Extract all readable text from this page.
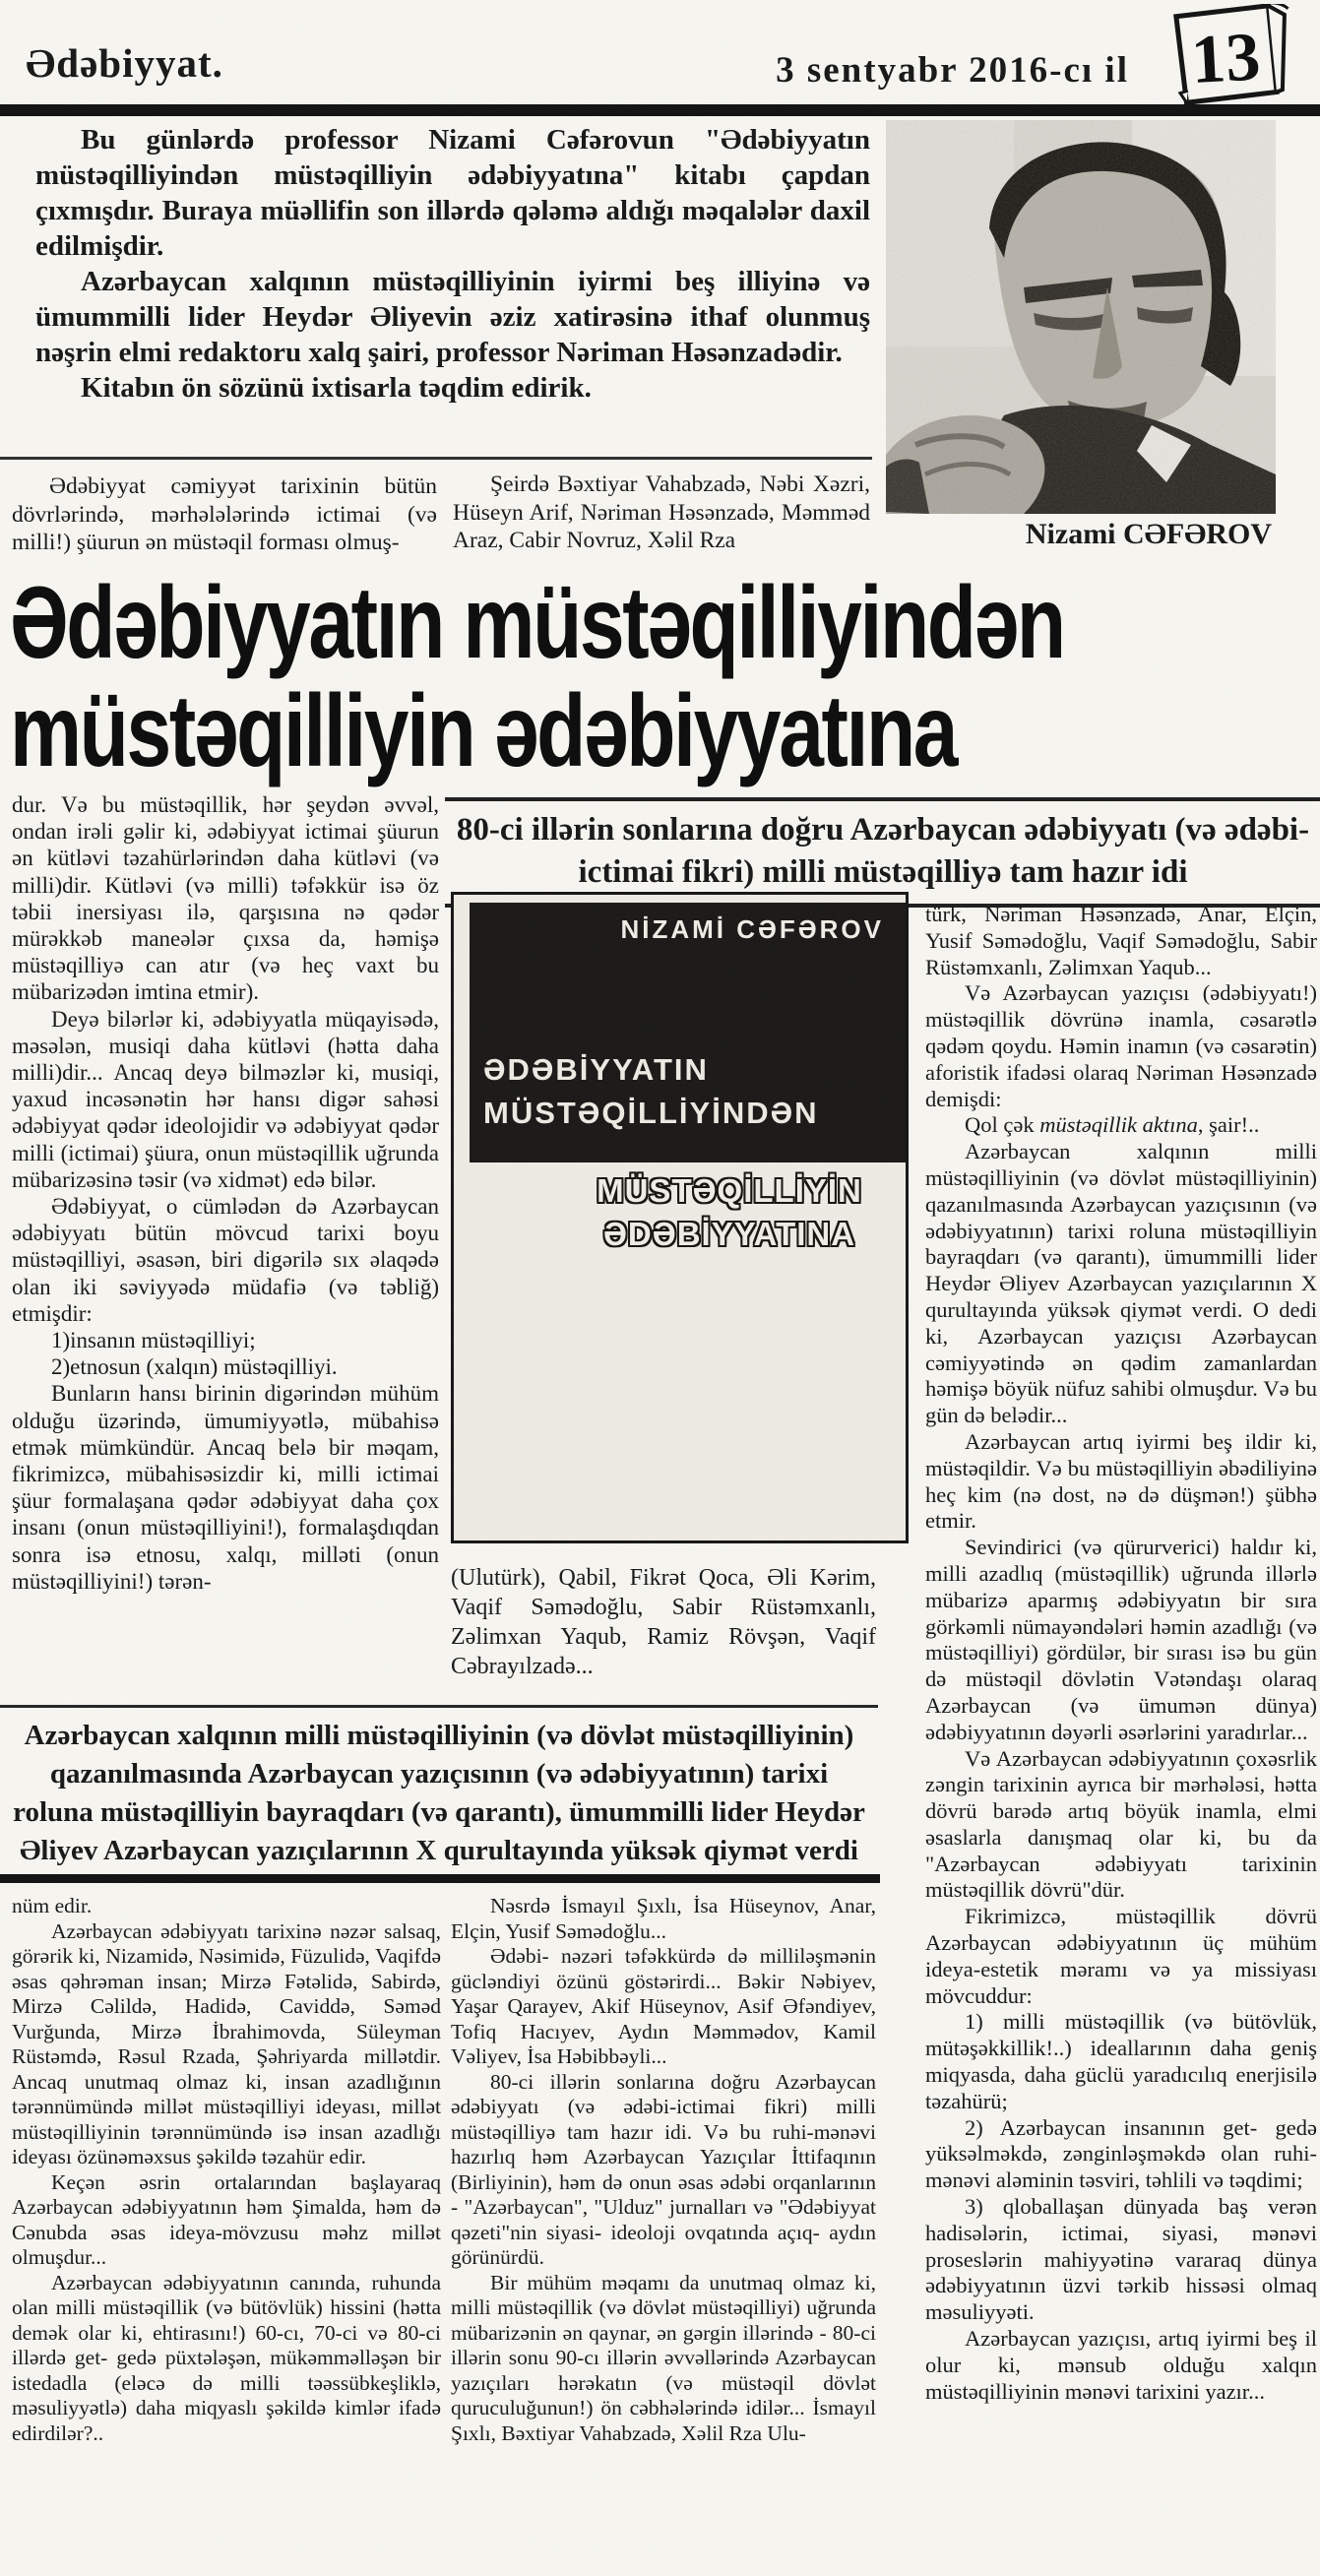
Ədəbiyyat.	3 sentyabr 2016-cı il 13

Bu günlərdə professor Nizami Cəfərovun "Ədəbiyyatın müstəqilliyindən müstəqilliyin ədəbiyyatına" kitabı çapdan çıxmışdır. Buraya müəllifin son illərdə qələmə aldığı məqalələr daxil edilmişdir.

Azərbaycan xalqının müstəqilliyinin iyirmi beş illiyinə və ümummilli lider Heydər Əliyevin əziz xatirəsinə ithaf olunmuş nəşrin elmi redaktoru xalq şairi, professor Nəriman Həsənzadədir.

Kitabın ön sözünü ixtisarla təqdim edirik.

Nizami CƏFƏROV

Ədəbiyyat cəmiyyət tarixinin bütün dövrlərində, mərhələlərində ictimai (və milli!) şüurun ən müstəqil forması olmuş-

Şeirdə Bəxtiyar Vahabzadə, Nəbi Xəzri, Hüseyn Arif, Nəriman Həsənzadə, Məmməd Araz, Cabir Novruz, Xəlil Rza

Ədəbiyyatın müstəqilliyindən
müstəqilliyin ədəbiyyatına
80-ci illərin sonlarına doğru Azərbaycan ədəbiyyatı (və ədəbi-ictimai fikri) milli müstəqilliyə tam hazır idi

dur. Və bu müstəqillik, hər şeydən əvvəl, ondan irəli gəlir ki, ədəbiyyat ictimai şüurun ən kütləvi təzahürlərindən daha kütləvi (və milli)dir. Kütləvi (və milli) təfəkkür isə öz təbii inersiyası ilə, qarşısına nə qədər mürəkkəb maneələr çıxsa da, həmişə müstəqilliyə can atır (və heç vaxt bu mübarizədən imtina etmir).

Deyə bilərlər ki, ədəbiyyatla müqayisədə, məsələn, musiqi daha kütləvi (hətta daha milli)dir... Ancaq deyə bilməzlər ki, musiqi, yaxud incəsənətin hər hansı digər sahəsi ədəbiyyat qədər ideolojidir və ədəbiyyat qədər milli (ictimai) şüura, onun müstəqillik uğrunda mübarizəsinə təsir (və xidmət) edə bilər.

Ədəbiyyat, o cümlədən də Azərbaycan ədəbiyyatı bütün mövcud tarixi boyu müstəqilliyi, əsasən, biri digərilə sıx əlaqədə olan iki səviyyədə müdafiə (və təbliğ) etmişdir:

1)insanın müstəqilliyi;

2)etnosun (xalqın) müstəqilliyi.

Bunların hansı birinin digərindən mühüm olduğu üzərində, ümumiyyətlə, mübahisə etmək mümkündür. Ancaq belə bir məqam, fikrimizcə, mübahisəsizdir ki, milli ictimai şüur formalaşana qədər ədəbiyyat daha çox insanı (onun müstəqilliyini!), formalaşdıqdan sonra isə etnosu, xalqı, milləti (onun müstəqilliyini!) tərən-

NİZAMİ CƏFƏROV
ƏDƏBİYYATIN
MÜSTƏQİLLİYİNDƏN
MÜSTƏQİLLİYİN
ƏDƏBİYYATINA

(Ulutürk), Qabil, Fikrət Qoca, Əli Kərim, Vaqif Səmədoğlu, Sabir Rüstəmxanlı, Zəlimxan Yaqub, Ramiz Rövşən, Vaqif Cəbrayılzadə...

türk, Nəriman Həsənzadə, Anar, Elçin, Yusif Səmədoğlu, Vaqif Səmədoğlu, Sabir Rüstəmxanlı, Zəlimxan Yaqub...

Və Azərbaycan yazıçısı (ədəbiyyatı!) müstəqillik dövrünə inamla, cəsarətlə qədəm qoydu. Həmin inamın (və cəsarətin) aforistik ifadəsi olaraq Nəriman Həsənzadə demişdi:

Qol çək müstəqillik aktına, şair!..

Azərbaycan xalqının milli müstəqilliyinin (və dövlət müstəqilliyinin) qazanılmasında Azərbaycan yazıçısının (və ədəbiyyatının) tarixi roluna müstəqilliyin bayraqdarı (və qarantı), ümummilli lider Heydər Əliyev Azərbaycan yazıçılarının X qurultayında yüksək qiymət verdi. O dedi ki, Azərbaycan yazıçısı Azərbaycan cəmiyyətində ən qədim zamanlardan həmişə böyük nüfuz sahibi olmuşdur. Və bu gün də belədir...

Azərbaycan artıq iyirmi beş ildir ki, müstəqildir. Və bu müstəqilliyin əbədiliyinə heç kim (nə dost, nə də düşmən!) şübhə etmir.

Sevindirici (və qürurverici) haldır ki, milli azadlıq (müstəqillik) uğrunda illərlə mübarizə aparmış ədəbiyyatın bir sıra görkəmli nümayəndələri həmin azadlığı (və müstəqilliyi) gördülər, bir sırası isə bu gün də müstəqil dövlətin Vətəndaşı olaraq Azərbaycan (və ümumən dünya) ədəbiyyatının dəyərli əsərlərini yaradırlar...

Və Azərbaycan ədəbiyyatının çoxəsrlik zəngin tarixinin ayrıca bir mərhələsi, hətta dövrü barədə artıq böyük inamla, elmi əsaslarla danışmaq olar ki, bu da "Azərbaycan ədəbiyyatı tarixinin müstəqillik dövrü"dür.

Fikrimizcə, müstəqillik dövrü Azərbaycan ədəbiyyatının üç mühüm ideya-estetik məramı və ya missiyası mövcuddur:

1) milli müstəqillik (və bütövlük, mütəşəkkillik!..) ideallarının daha geniş miqyasda, daha güclü yaradıcılıq enerjisilə təzahürü;

2) Azərbaycan insanının get- gedə yüksəlməkdə, zənginləşməkdə olan ruhi-mənəvi aləminin təsviri, təhlili və təqdimi;

3) qloballaşan dünyada baş verən hadisələrin, ictimai, siyasi, mənəvi proseslərin mahiyyətinə vararaq dünya ədəbiyyatının üzvi tərkib hissəsi olmaq məsuliyyəti.

Azərbaycan yazıçısı, artıq iyirmi beş il olur ki, mənsub olduğu xalqın müstəqilliyinin mənəvi tarixini yazır...

Azərbaycan xalqının milli müstəqilliyinin (və dövlət müstəqilliyinin) qazanılmasında Azərbaycan yazıçısının (və ədəbiyyatının) tarixi roluna müstəqilliyin bayraqdarı (və qarantı), ümummilli lider Heydər Əliyev Azərbaycan yazıçılarının X qurultayında yüksək qiymət verdi

nüm edir.

Azərbaycan ədəbiyyatı tarixinə nəzər salsaq, görərik ki, Nizamidə, Nəsimidə, Füzulidə, Vaqifdə əsas qəhrəman insan; Mirzə Fətəlidə, Sabirdə, Mirzə Cəlildə, Hadidə, Caviddə, Səməd Vurğunda, Mirzə İbrahimovda, Süleyman Rüstəmdə, Rəsul Rzada, Şəhriyarda millətdir. Ancaq unutmaq olmaz ki, insan azadlığının tərənnümündə millət müstəqilliyi ideyası, millət müstəqilliyinin tərənnümündə isə insan azadlığı ideyası özünəməxsus şəkildə təzahür edir.

Keçən əsrin ortalarından başlayaraq Azərbaycan ədəbiyyatının həm Şimalda, həm də Cənubda əsas ideya-mövzusu məhz millət olmuşdur...

Azərbaycan ədəbiyyatının canında, ruhunda olan milli müstəqillik (və bütövlük) hissini (hətta demək olar ki, ehtirasını!) 60-cı, 70-ci və 80-ci illərdə get- gedə püxtələşən, mükəmməlləşən bir istedadla (eləcə də milli təəssübkeşliklə, məsuliyyətlə) daha miqyaslı şəkildə kimlər ifadə edirdilər?..

Nəsrdə İsmayıl Şıxlı, İsa Hüseynov, Anar, Elçin, Yusif Səmədoğlu...

Ədəbi- nəzəri təfəkkürdə də milliləşmənin gücləndiyi özünü göstərirdi... Bəkir Nəbiyev, Yaşar Qarayev, Akif Hüseynov, Asif Əfəndiyev, Tofiq Hacıyev, Aydın Məmmədov, Kamil Vəliyev, İsa Həbibbəyli...

80-ci illərin sonlarına doğru Azərbaycan ədəbiyyatı (və ədəbi-ictimai fikri) milli müstəqilliyə tam hazır idi. Və bu ruhi-mənəvi hazırlıq həm Azərbaycan Yazıçılar İttifaqının (Birliyinin), həm də onun əsas ədəbi orqanlarının - "Azərbaycan", "Ulduz" jurnalları və "Ədəbiyyat qəzeti"nin siyasi- ideoloji ovqatında açıq- aydın görünürdü.

Bir mühüm məqamı da unutmaq olmaz ki, milli müstəqillik (və dövlət müstəqilliyi) uğrunda mübarizənin ən qaynar, ən gərgin illərində - 80-ci illərin sonu 90-cı illərin əvvəllərində Azərbaycan yazıçıları hərəkatın (və müstəqil dövlət quruculuğunun!) ön cəbhələrində idilər... İsmayıl Şıxlı, Bəxtiyar Vahabzadə, Xəlil Rza Ulu-
